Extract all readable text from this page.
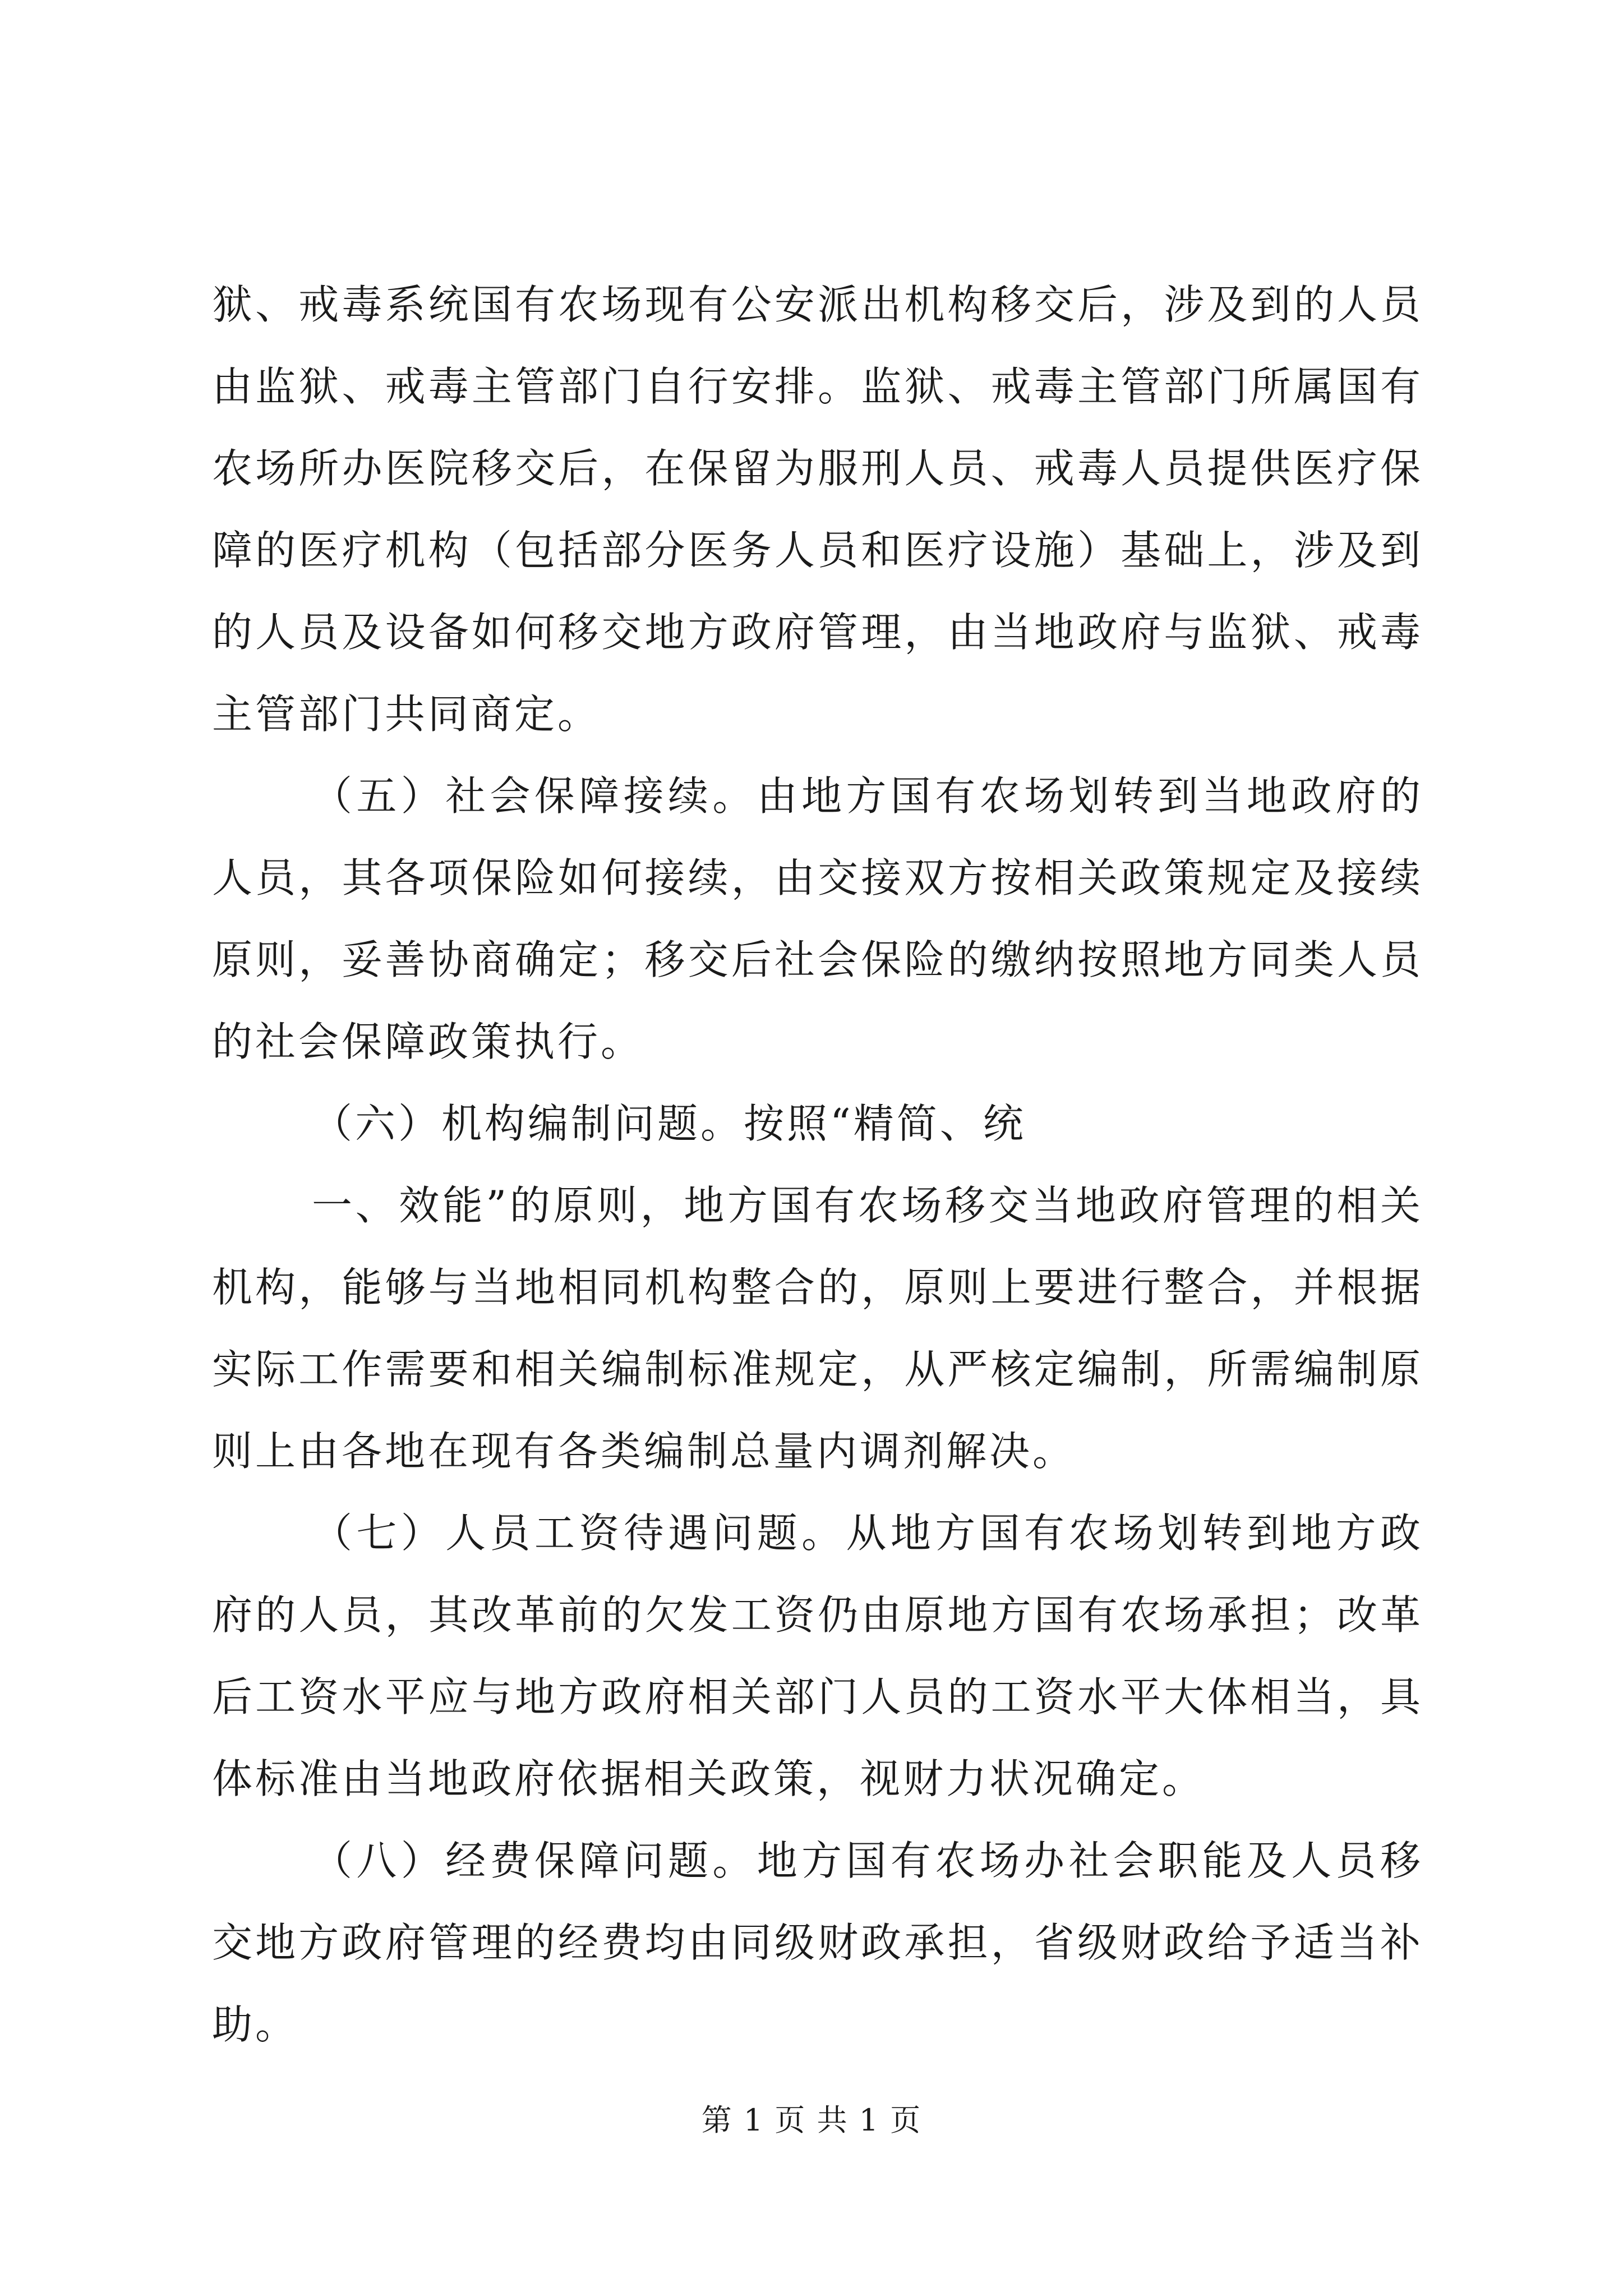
狱、戒毒系统国有农场现有公安派出机构移交后，涉及到的人员由监狱、戒毒主管部门自行安排。监狱、戒毒主管部门所属国有农场所办医院移交后，在保留为服刑人员、戒毒人员提供医疗保障的医疗机构（包括部分医务人员和医疗设施）基础上，涉及到的人员及设备如何移交地方政府管理，由当地政府与监狱、戒毒主管部门共同商定。

（五）社会保障接续。由地方国有农场划转到当地政府的人员，其各项保险如何接续，由交接双方按相关政策规定及接续原则，妥善协商确定；移交后社会保险的缴纳按照地方同类人员的社会保障政策执行。

（六）机构编制问题。按照“精简、统

一、效能”的原则，地方国有农场移交当地政府管理的相关机构，能够与当地相同机构整合的，原则上要进行整合，并根据实际工作需要和相关编制标准规定，从严核定编制，所需编制原则上由各地在现有各类编制总量内调剂解决。

（七）人员工资待遇问题。从地方国有农场划转到地方政府的人员，其改革前的欠发工资仍由原地方国有农场承担；改革后工资水平应与地方政府相关部门人员的工资水平大体相当，具体标准由当地政府依据相关政策，视财力状况确定。

（八）经费保障问题。地方国有农场办社会职能及人员移交地方政府管理的经费均由同级财政承担，省级财政给予适当补助。

第 1 页 共 1 页
